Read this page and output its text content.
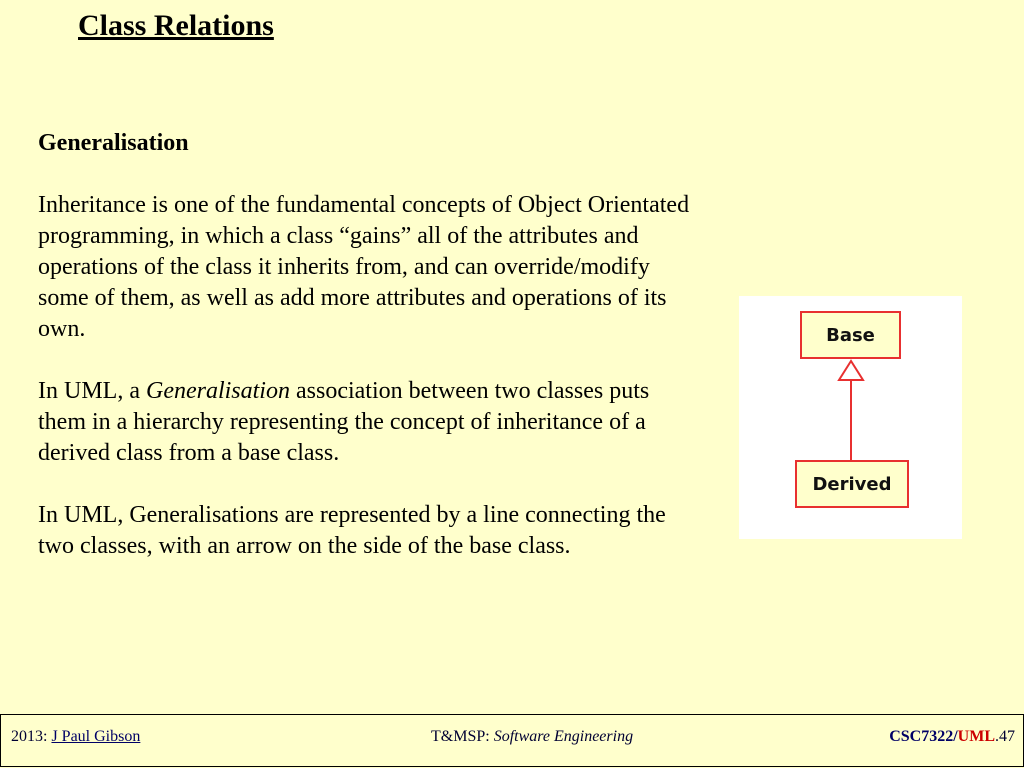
Class Relations

Generalisation

Inheritance is one of the fundamental concepts of Object Orientated programming, in which a class “gains” all of the attributes and operations of the class it inherits from, and can override/modify some of them, as well as add more attributes and operations of its own.

In UML, a Generalisation association between two classes puts them in a hierarchy representing the concept of inheritance of a derived class from a base class.

In UML, Generalisations are represented by a line connecting the two classes, with an arrow on the side of the base class.

Base
Derived
2013: J Paul Gibson	T&MSP: Software Engineering	CSC7322/UML.47
